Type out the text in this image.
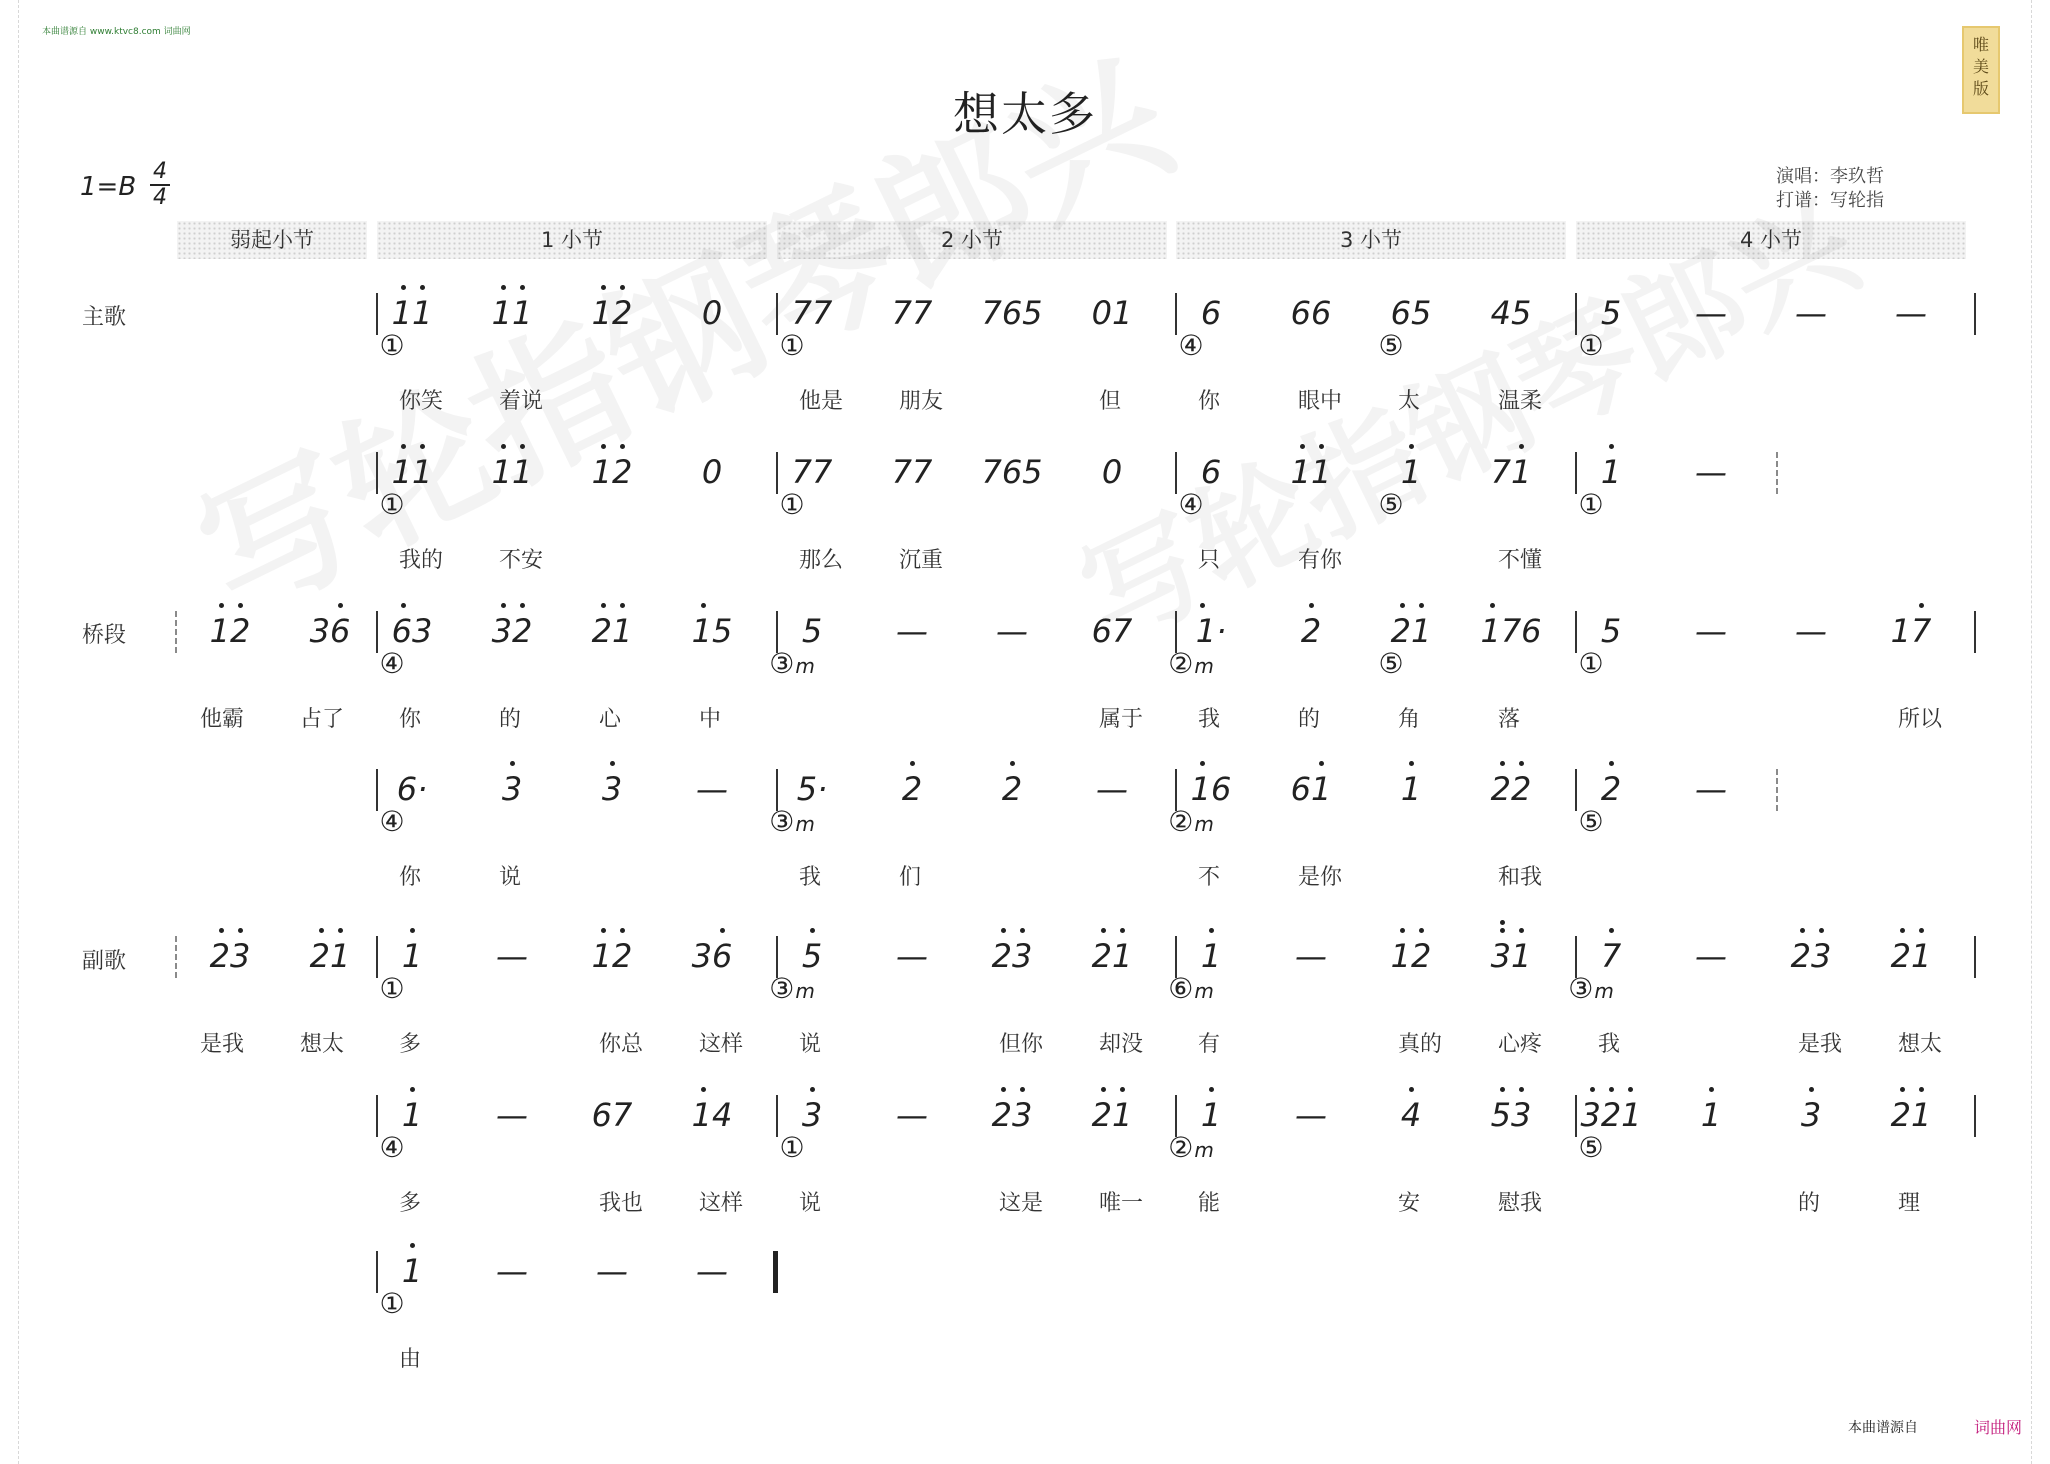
本曲谱源自 www.ktvc8.com 词曲网
想太多
唯美版
1=B
4
4
演唱：李玖哲
打谱：写轮指
弱起小节	1 小节	2 小节	3 小节	4 小节
主歌
桥段
副歌
11 11 12 0 77 77 765 01 6 66 65 45 5 — — —
①	①	④	⑤	①
你笑	着说	他是	朋友	但	你	眼中	太	温柔
11 11 12 0 77 77 765 0 6 11 1 71 1 —
①	①	④	⑤	①
我的	不安	那么	沉重	只	有你	不懂
12 36 63 32 21 15 5 — — 67 1· 2 21 176 5 — — 17
④	③m	②m	⑤	①
他霸	占了 你	的	心	中	属于 我	的	角	落	所以
6· 3 3 — 5· 2 2 — 16 61 1 22 2 —
④	③m	②m	⑤
你	说	我	们	不	是你	和我
23 21 1 — 12 36 5 — 23 21 1 — 12 31 7 — 23 21
①	③m	⑥m	③m
是我	想太 多	你总	这样	说	但你	却没 有	真的	心疼	我	是我	想太
1 — 67 14 3 — 23 21 1 — 4 53 321 1 3 21
④	①	②m	⑤
多	我也	这样	说	这是	唯一 能	安	慰我	的	理
1 — — —
①
由
本曲谱源自	词曲网
